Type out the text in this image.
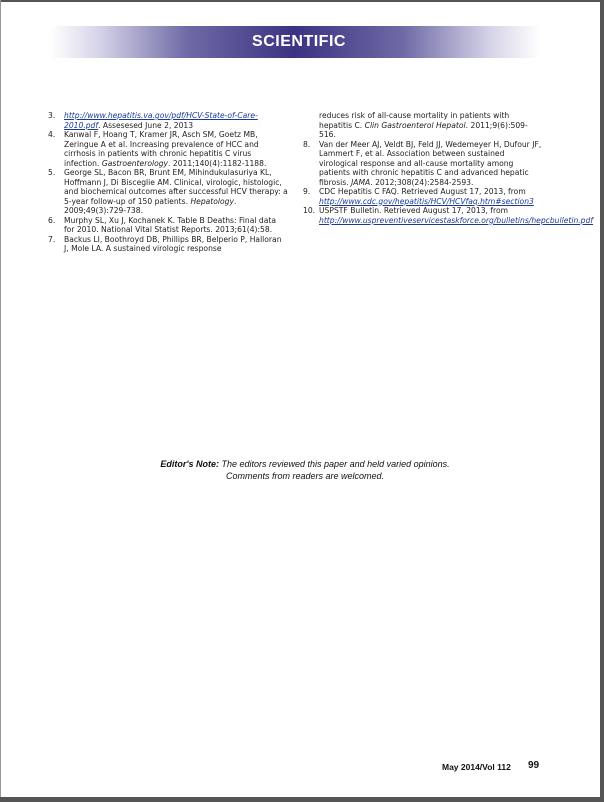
SCIENTIFIC
3.	http://www.hepatitis.va.gov/pdf/HCV-State-of-Care-2010.pdf. Assesesed June 2, 2013
4.	Kanwal F, Hoang T, Kramer JR, Asch SM, Goetz MB, Zeringue A et al. Increasing prevalence of HCC and cirrhosis in patients with chronic hepatitis C virus infection. Gastroenterology. 2011;140(4):1182-1188.
5.	George SL, Bacon BR, Brunt EM, Mihindukulasuriya KL, Hoffmann J, Di Bisceglie AM. Clinical, virologic, histologic, and biochemical outcomes after successful HCV therapy: a 5-year follow-up of 150 patients. Hepatology. 2009;49(3):729-738.
6.	Murphy SL, Xu J, Kochanek K. Table B Deaths: Final data for 2010. National Vital Statist Reports. 2013;61(4):58.
7.	Backus LI, Boothroyd DB, Phillips BR, Belperio P, Halloran J, Mole LA. A sustained virologic response
reduces risk of all-cause mortality in patients with hepatitis C. Clin Gastroenterol Hepatol. 2011;9(6):509-516.
8.	Van der Meer AJ, Veldt BJ, Feld JJ, Wedemeyer H, Dufour JF, Lammert F, et al. Association between sustained virological response and all-cause mortality among patients with chronic hepatitis C and advanced hepatic fibrosis. JAMA. 2012;308(24):2584-2593.
9.	CDC Hepatitis C FAQ. Retrieved August 17, 2013, from http://www.cdc.gov/hepatitis/HCV/HCVfaq.htm#section3
10. USPSTF Bulletin. Retrieved August 17, 2013, from http://www.uspreventiveservicestaskforce.org/bulletins/hepcbulletin.pdf
Editor's Note: The editors reviewed this paper and held varied opinions.
Comments from readers are welcomed.
May 2014/Vol 112 99
